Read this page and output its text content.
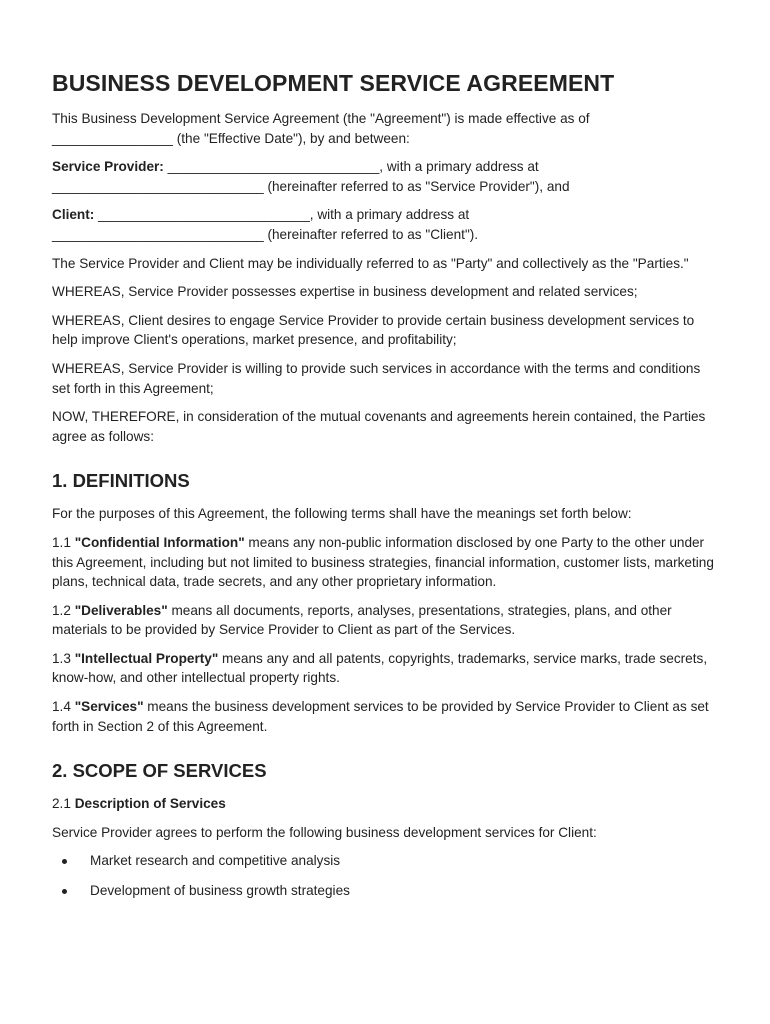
BUSINESS DEVELOPMENT SERVICE AGREEMENT

This Business Development Service Agreement (the "Agreement") is made effective as of
________________ (the "Effective Date"), by and between:

Service Provider: ____________________________, with a primary address at
____________________________ (hereinafter referred to as "Service Provider"), and

Client: ____________________________, with a primary address at
____________________________ (hereinafter referred to as "Client").

The Service Provider and Client may be individually referred to as "Party" and collectively as the "Parties."

WHEREAS, Service Provider possesses expertise in business development and related services;

WHEREAS, Client desires to engage Service Provider to provide certain business development services to help improve Client's operations, market presence, and profitability;

WHEREAS, Service Provider is willing to provide such services in accordance with the terms and conditions set forth in this Agreement;

NOW, THEREFORE, in consideration of the mutual covenants and agreements herein contained, the Parties agree as follows:

1. DEFINITIONS

For the purposes of this Agreement, the following terms shall have the meanings set forth below:

1.1 "Confidential Information" means any non-public information disclosed by one Party to the other under this Agreement, including but not limited to business strategies, financial information, customer lists, marketing plans, technical data, trade secrets, and any other proprietary information.

1.2 "Deliverables" means all documents, reports, analyses, presentations, strategies, plans, and other materials to be provided by Service Provider to Client as part of the Services.

1.3 "Intellectual Property" means any and all patents, copyrights, trademarks, service marks, trade secrets, know-how, and other intellectual property rights.

1.4 "Services" means the business development services to be provided by Service Provider to Client as set forth in Section 2 of this Agreement.

2. SCOPE OF SERVICES

2.1 Description of Services

Service Provider agrees to perform the following business development services for Client:

Market research and competitive analysis
Development of business growth strategies
